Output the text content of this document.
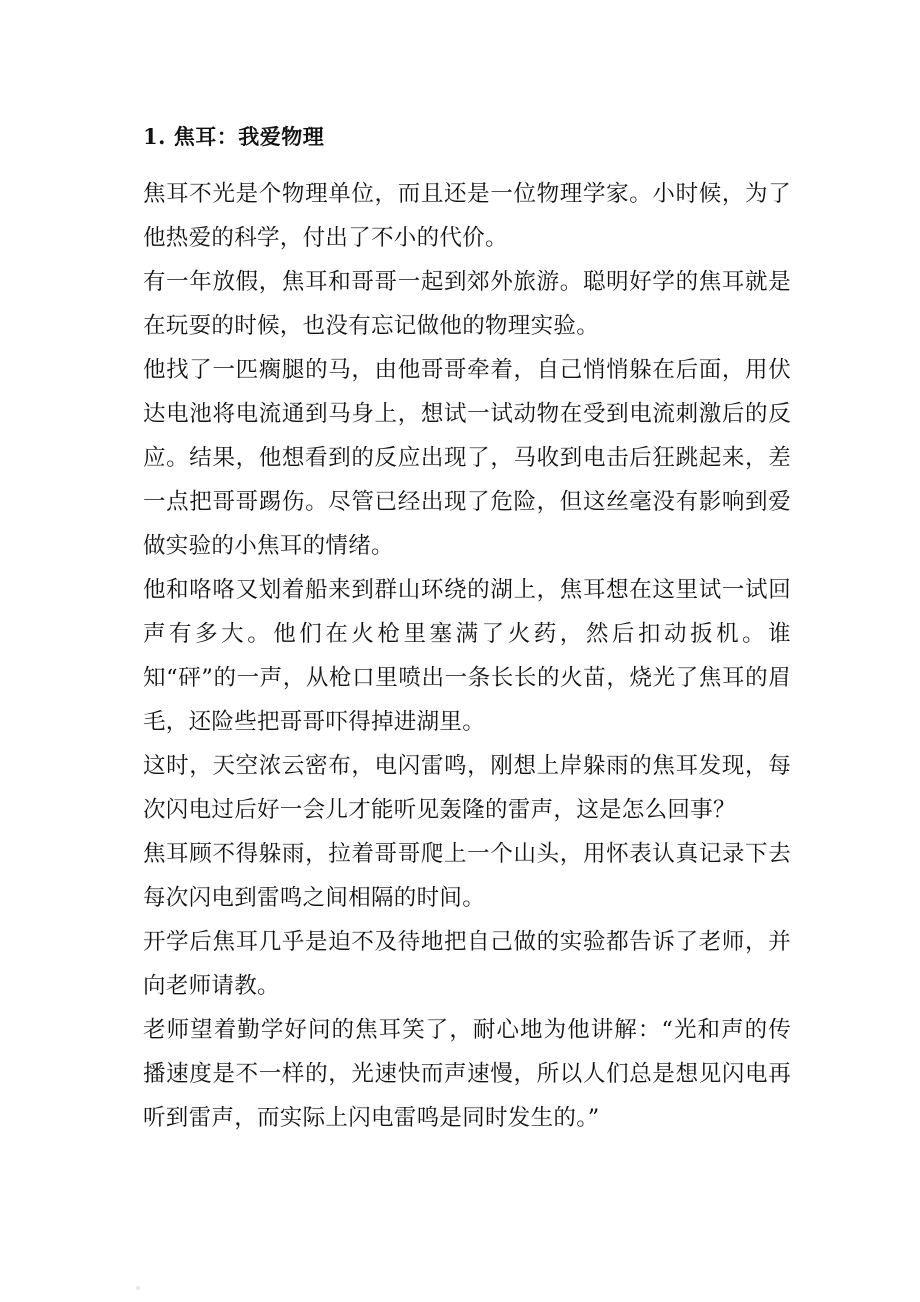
1. 焦耳：我爱物理

焦耳不光是个物理单位，而且还是一位物理学家。小时候，为了他热爱的科学，付出了不小的代价。

有一年放假，焦耳和哥哥一起到郊外旅游。聪明好学的焦耳就是在玩耍的时候，也没有忘记做他的物理实验。

他找了一匹瘸腿的马，由他哥哥牵着，自己悄悄躲在后面，用伏达电池将电流通到马身上，想试一试动物在受到电流刺激后的反应。结果，他想看到的反应出现了，马收到电击后狂跳起来，差一点把哥哥踢伤。尽管已经出现了危险，但这丝毫没有影响到爱做实验的小焦耳的情绪。

他和咯咯又划着船来到群山环绕的湖上，焦耳想在这里试一试回声有多大。他们在火枪里塞满了火药，然后扣动扳机。谁知“砰”的一声，从枪口里喷出一条长长的火苗，烧光了焦耳的眉毛，还险些把哥哥吓得掉进湖里。

这时，天空浓云密布，电闪雷鸣，刚想上岸躲雨的焦耳发现，每次闪电过后好一会儿才能听见轰隆的雷声，这是怎么回事？

焦耳顾不得躲雨，拉着哥哥爬上一个山头，用怀表认真记录下去每次闪电到雷鸣之间相隔的时间。

开学后焦耳几乎是迫不及待地把自己做的实验都告诉了老师，并向老师请教。

老师望着勤学好问的焦耳笑了，耐心地为他讲解：“光和声的传播速度是不一样的，光速快而声速慢，所以人们总是想见闪电再听到雷声，而实际上闪电雷鸣是同时发生的。”
